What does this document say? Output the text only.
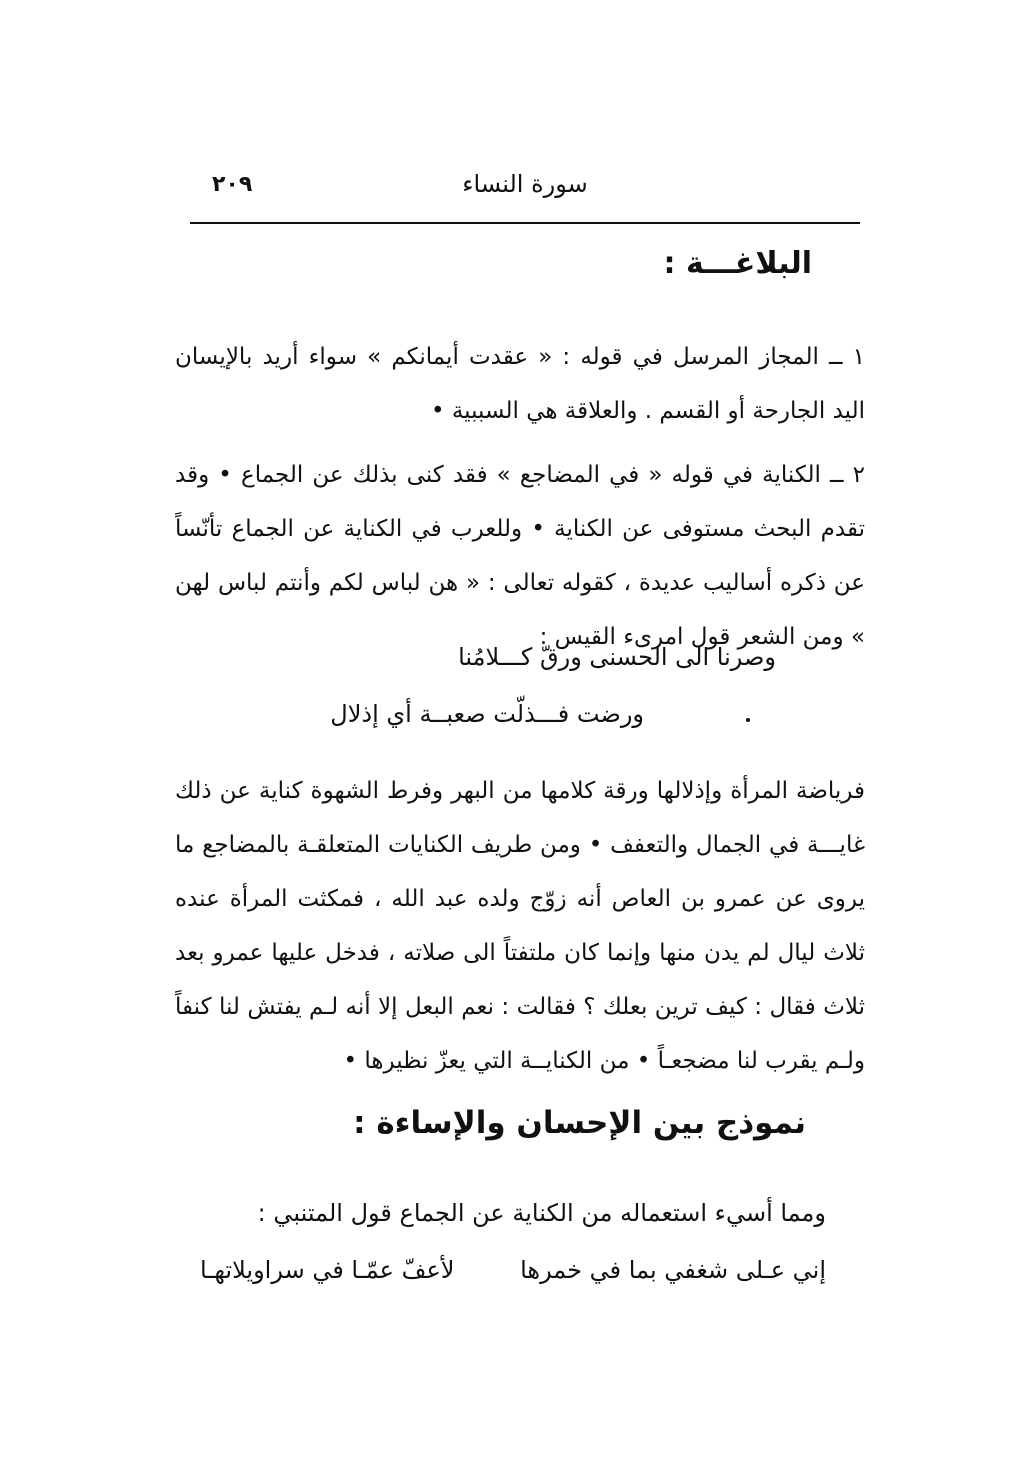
٢٠٩	سورة النساء
البلاغـــة :

١ ــ المجاز المرسل في قوله : « عقدت أيمانكم » سواء أريد بالإيسان اليد الجارحة أو القسم . والعلاقة هي السببية •

٢ ــ الكناية في قوله « في المضاجع » فقد كنى بذلك عن الجماع • وقد تقدم البحث مستوفى عن الكناية • وللعرب في الكناية عن الجماع تأنّساً عن ذكره أساليب عديدة ، كقوله تعالى : « هن لباس لكم وأنتم لباس لهن » ومن الشعر قول امرىء القيس :

وصرنا الى الحسنى ورقّ كـــلامُنا
ورضت فـــذلّت صعبــة أي إذلال

فرياضة المرأة وإذلالها ورقة كلامها من البهر وفرط الشهوة كناية عن ذلك غايـــة في الجمال والتعفف • ومن طريف الكنايات المتعلقـة بالمضاجع ما يروى عن عمرو بن العاص أنه زوّج ولده عبد الله ، فمكثت المرأة عنده ثلاث ليال لم يدن منها وإنما كان ملتفتاً الى صلاته ، فدخل عليها عمرو بعد ثلاث فقال : كيف ترين بعلك ؟ فقالت : نعم البعل إلا أنه لـم يفتش لنا كنفاً ولـم يقرب لنا مضجعـاً • من الكنايــة التي يعزّ نظيرها •

نموذج بين الإحسان والإساءة :

ومما أسيء استعماله من الكناية عن الجماع قول المتنبي :

إني عـلى شغفي بما في خمرها
لأعفّ عمّـا في سراويلاتهـا
